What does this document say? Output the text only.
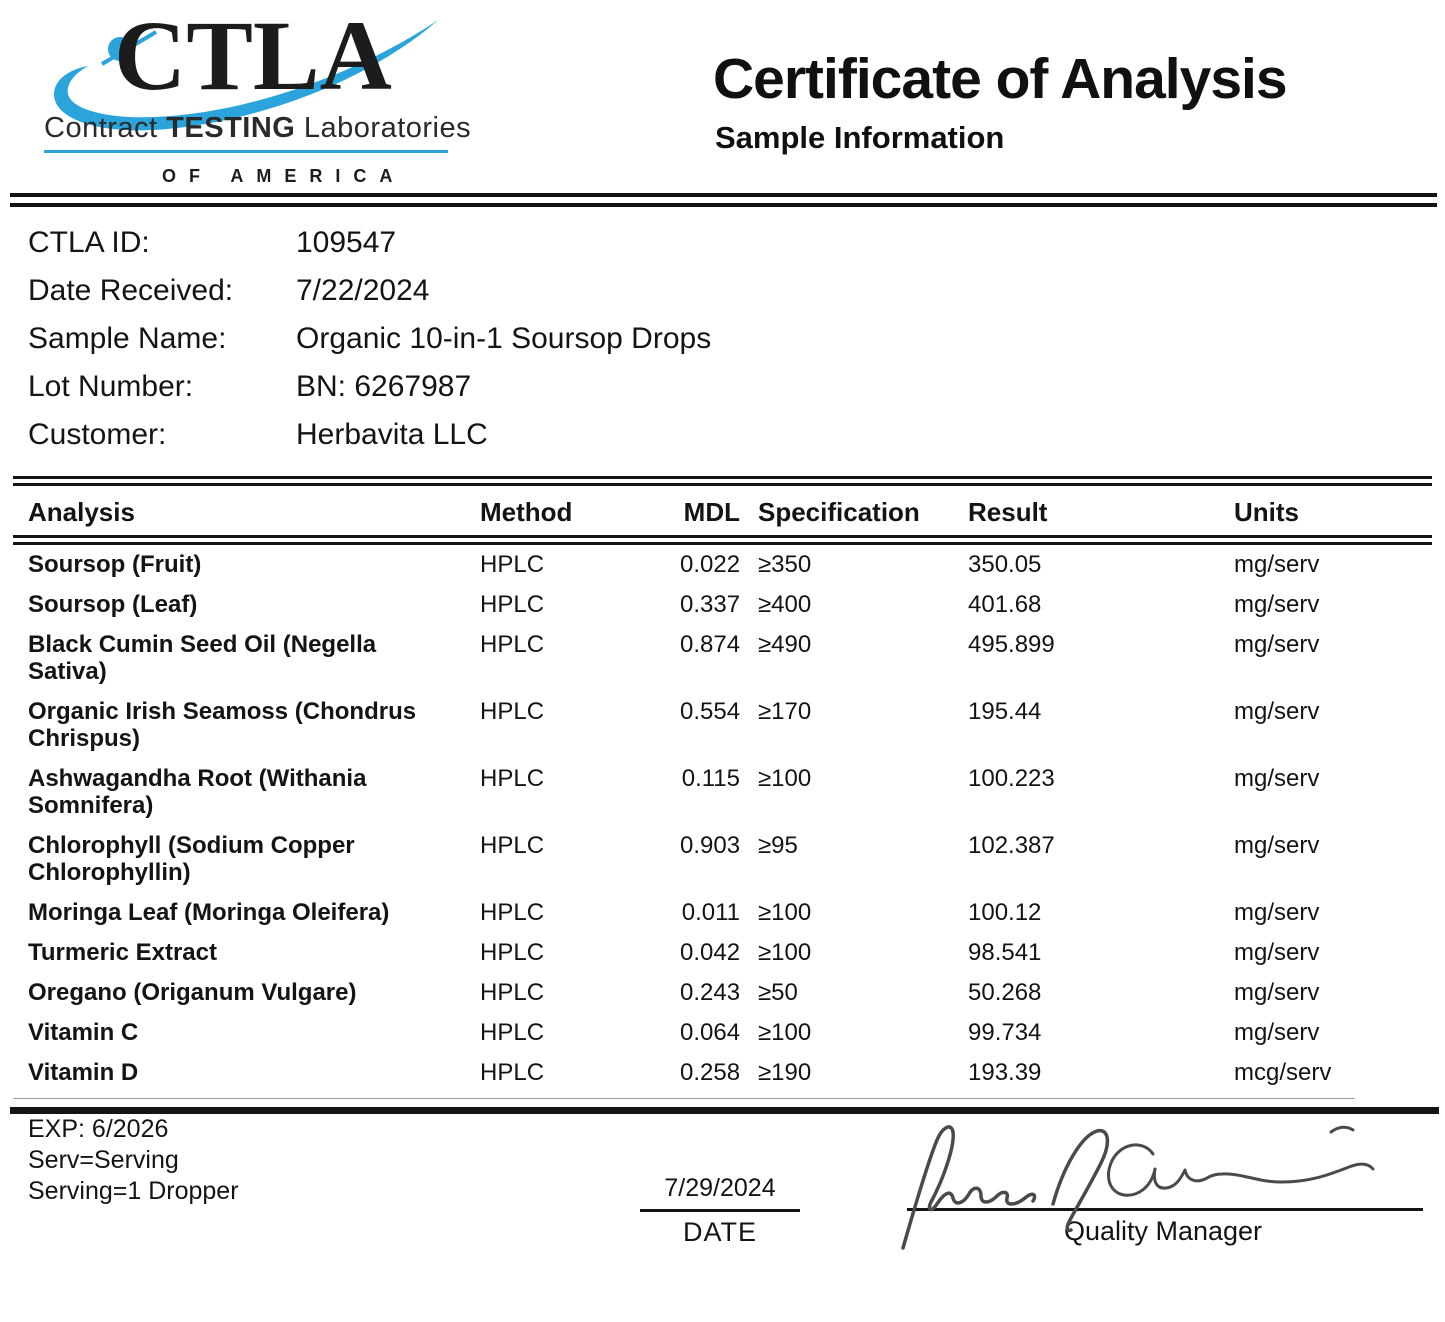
CTLA
Contract TESTING Laboratories
OF AMERICA
Certificate of Analysis
Sample Information
CTLA ID:	109547
Date Received:	7/22/2024
Sample Name:	Organic 10-in-1 Soursop Drops
Lot Number:	BN: 6267987
Customer:	Herbavita LLC
Analysis	Method	MDL Specification	Result	Units
Soursop (Fruit)	HPLC	0.022 ≥350	350.05	mg/serv
Soursop (Leaf)	HPLC	0.337 ≥400	401.68	mg/serv
Black Cumin Seed Oil (Negella Sativa)
HPLC	0.874 ≥490	495.899	mg/serv
Organic Irish Seamoss (Chondrus Chrispus)
HPLC	0.554 ≥170	195.44	mg/serv
Ashwagandha Root (Withania Somnifera)
HPLC	0.115 ≥100	100.223	mg/serv
Chlorophyll (Sodium Copper Chlorophyllin)
HPLC	0.903 ≥95	102.387	mg/serv
Moringa Leaf (Moringa Oleifera)	HPLC	0.011 ≥100	100.12	mg/serv
Turmeric Extract	HPLC	0.042 ≥100	98.541	mg/serv
Oregano (Origanum Vulgare)	HPLC	0.243 ≥50	50.268	mg/serv
Vitamin C	HPLC	0.064 ≥100	99.734	mg/serv
Vitamin D	HPLC	0.258 ≥190	193.39	mcg/serv
EXP: 6/2026
Serv=Serving
Serving=1 Dropper	7/29/2024
DATE	Quality Manager
